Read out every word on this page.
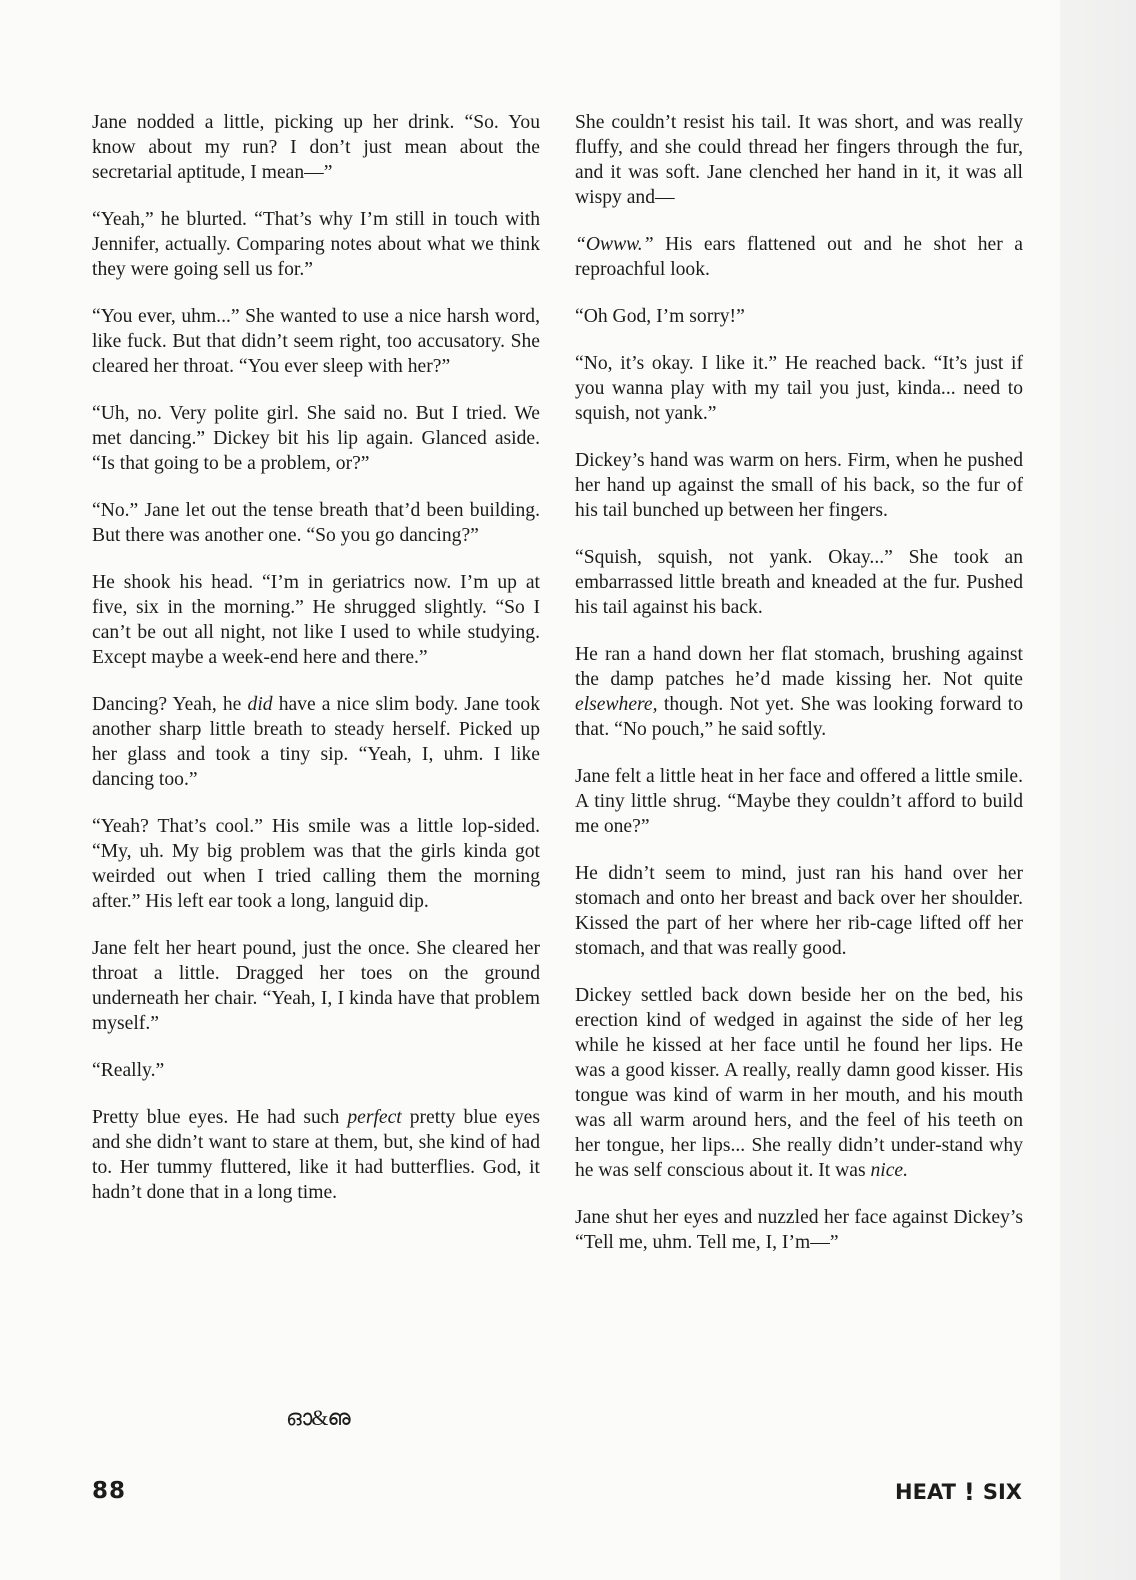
Jane nodded a little, picking up her drink. “So. You know about my run? I don’t just mean about the secretarial aptitude, I mean—”

“Yeah,” he blurted. “That’s why I’m still in touch with Jennifer, actually. Comparing notes about what we think they were going sell us for.”

“You ever, uhm...” She wanted to use a nice harsh word, like fuck. But that didn’t seem right, too accusatory. She cleared her throat. “You ever sleep with her?”

“Uh, no. Very polite girl. She said no. But I tried. We met dancing.” Dickey bit his lip again. Glanced aside. “Is that going to be a problem, or?”

“No.” Jane let out the tense breath that’d been building. But there was another one. “So you go dancing?”

He shook his head. “I’m in geriatrics now. I’m up at five, six in the morning.” He shrugged slightly. “So I can’t be out all night, not like I used to while studying. Except maybe a week-end here and there.”

Dancing? Yeah, he did have a nice slim body. Jane took another sharp little breath to steady herself. Picked up her glass and took a tiny sip. “Yeah, I, uhm. I like dancing too.”

“Yeah? That’s cool.” His smile was a little lop-sided. “My, uh. My big problem was that the girls kinda got weirded out when I tried calling them the morning after.” His left ear took a long, languid dip.

Jane felt her heart pound, just the once. She cleared her throat a little. Dragged her toes on the ground underneath her chair. “Yeah, I, I kinda have that problem myself.”

“Really.”

Pretty blue eyes. He had such perfect pretty blue eyes and she didn’t want to stare at them, but, she kind of had to. Her tummy fluttered, like it had butterflies. God, it hadn’t done that in a long time.

She couldn’t resist his tail. It was short, and was really fluffy, and she could thread her fingers through the fur, and it was soft. Jane clenched her hand in it, it was all wispy and—

“Owww.” His ears flattened out and he shot her a reproachful look.

“Oh God, I’m sorry!”

“No, it’s okay. I like it.” He reached back. “It’s just if you wanna play with my tail you just, kinda... need to squish, not yank.”

Dickey’s hand was warm on hers. Firm, when he pushed her hand up against the small of his back, so the fur of his tail bunched up between her fingers.

“Squish, squish, not yank. Okay...” She took an embarrassed little breath and kneaded at the fur. Pushed his tail against his back.

He ran a hand down her flat stomach, brushing against the damp patches he’d made kissing her. Not quite elsewhere, though. Not yet. She was looking forward to that. “No pouch,” he said softly.

Jane felt a little heat in her face and offered a little smile. A tiny little shrug. “Maybe they couldn’t afford to build me one?”

He didn’t seem to mind, just ran his hand over her stomach and onto her breast and back over her shoulder. Kissed the part of her where her rib-cage lifted off her stomach, and that was really good.

Dickey settled back down beside her on the bed, his erection kind of wedged in against the side of her leg while he kissed at her face until he found her lips. He was a good kisser. A really, really damn good kisser. His tongue was kind of warm in her mouth, and his mouth was all warm around hers, and the feel of his teeth on her tongue, her lips... She really didn’t under-stand why he was self conscious about it. It was nice.

Jane shut her eyes and nuzzled her face against Dickey’s “Tell me, uhm. Tell me, I, I’m—”

ഓ&ഌ
88	HEAT ! SIX
